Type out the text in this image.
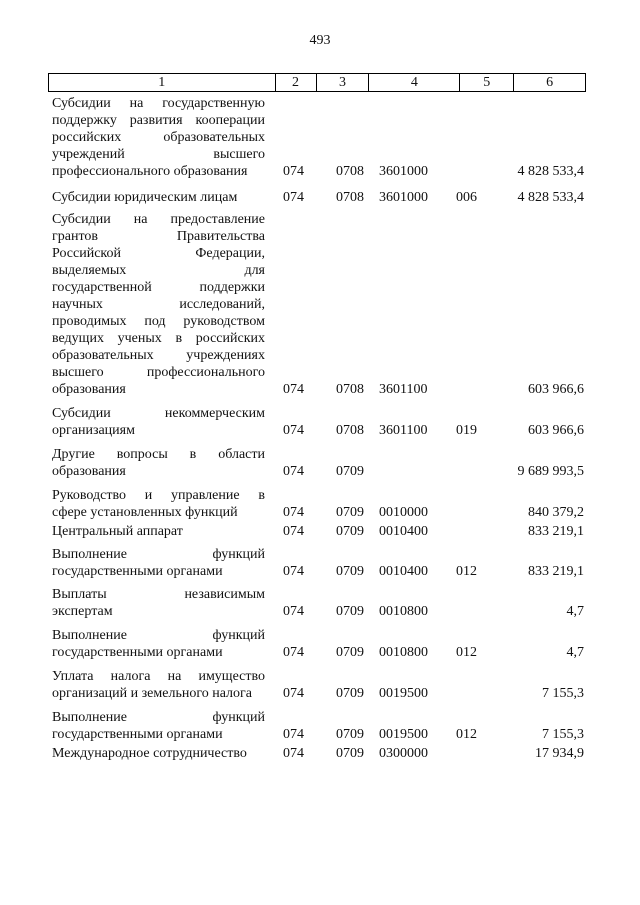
493
1	2	3	4	5	6
Субсидии на государственную
поддержку развития кооперации
российских образовательных
учреждений высшего
профессионального образования	074 0708 3601000	4 828 533,4
Субсидии юридическим лицам	074 0708 3601000 006	4 828 533,4
Субсидии на предоставление
грантов Правительства
Российской Федерации,
выделяемых для
государственной поддержки
научных исследований,
проводимых под руководством
ведущих ученых в российских
образовательных учреждениях
высшего профессионального
образования	074 0708 3601100	603 966,6
Субсидии некоммерческим
организациям	074 0708 3601100 019	603 966,6
Другие вопросы в области
образования	074 0709	9 689 993,5
Руководство и управление в
сфере установленных функций	074 0709 0010000	840 379,2
Центральный аппарат	074 0709 0010400	833 219,1
Выполнение функций
государственными органами	074 0709 0010400 012	833 219,1
Выплаты независимым
экспертам	074 0709 0010800	4,7
Выполнение функций
государственными органами	074 0709 0010800 012	4,7
Уплата налога на имущество
организаций и земельного налога	074 0709 0019500	7 155,3
Выполнение функций
государственными органами	074 0709 0019500 012	7 155,3
Международное сотрудничество	074 0709 0300000	17 934,9
